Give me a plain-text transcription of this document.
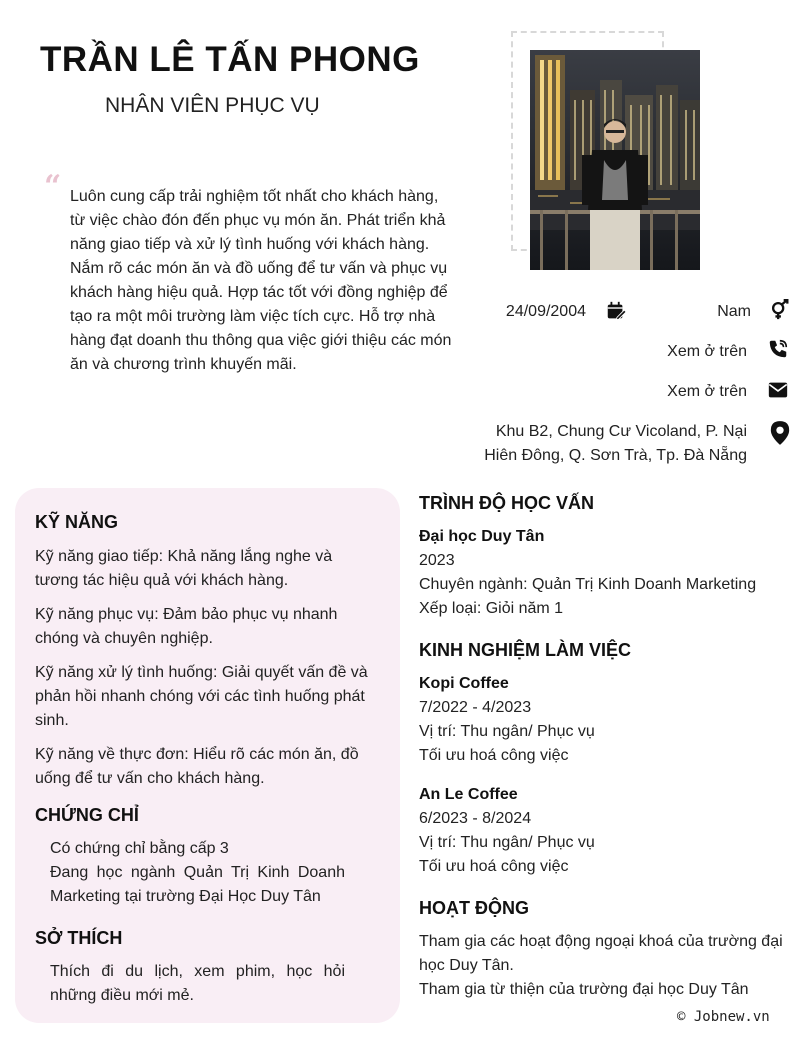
TRẦN LÊ TẤN PHONG
NHÂN VIÊN PHỤC VỤ
“ Luôn cung cấp trải nghiệm tốt nhất cho khách hàng, từ việc chào đón đến phục vụ món ăn. Phát triển khả năng giao tiếp và xử lý tình huống với khách hàng. Nắm rõ các món ăn và đồ uống để tư vấn và phục vụ khách hàng hiệu quả. Hợp tác tốt với đồng nghiệp để tạo ra một môi trường làm việc tích cực. Hỗ trợ nhà hàng đạt doanh thu thông qua việc giới thiệu các món ăn và chương trình khuyến mãi.
24/09/2004	Nam
Xem ở trên
Xem ở trên
Khu B2, Chung Cư Vicoland, P. Nại
Hiên Đông, Q. Sơn Trà, Tp. Đà Nẵng
KỸ NĂNG
Kỹ năng giao tiếp: Khả năng lắng nghe và tương tác hiệu quả với khách hàng.
Kỹ năng phục vụ: Đảm bảo phục vụ nhanh chóng và chuyên nghiệp.
Kỹ năng xử lý tình huống: Giải quyết vấn đề và phản hồi nhanh chóng với các tình huống phát sinh.
Kỹ năng về thực đơn: Hiểu rõ các món ăn, đồ uống để tư vấn cho khách hàng.
CHỨNG CHỈ
Có chứng chỉ bằng cấp 3
Đang học ngành Quản Trị Kinh Doanh Marketing tại trường Đại Học Duy Tân
SỞ THÍCH
Thích đi du lịch, xem phim, học hỏi những điều mới mẻ.
TRÌNH ĐỘ HỌC VẤN
Đại học Duy Tân
2023
Chuyên ngành: Quản Trị Kinh Doanh Marketing
Xếp loại: Giỏi năm 1
KINH NGHIỆM LÀM VIỆC
Kopi Coffee
7/2022 - 4/2023
Vị trí: Thu ngân/ Phục vụ
Tối ưu hoá công việc
An Le Coffee
6/2023 - 8/2024
Vị trí: Thu ngân/ Phục vụ
Tối ưu hoá công việc
HOẠT ĐỘNG
Tham gia các hoạt động ngoại khoá của trường đại học Duy Tân.
Tham gia từ thiện của trường đại học Duy Tân
© Jobnew.vn
